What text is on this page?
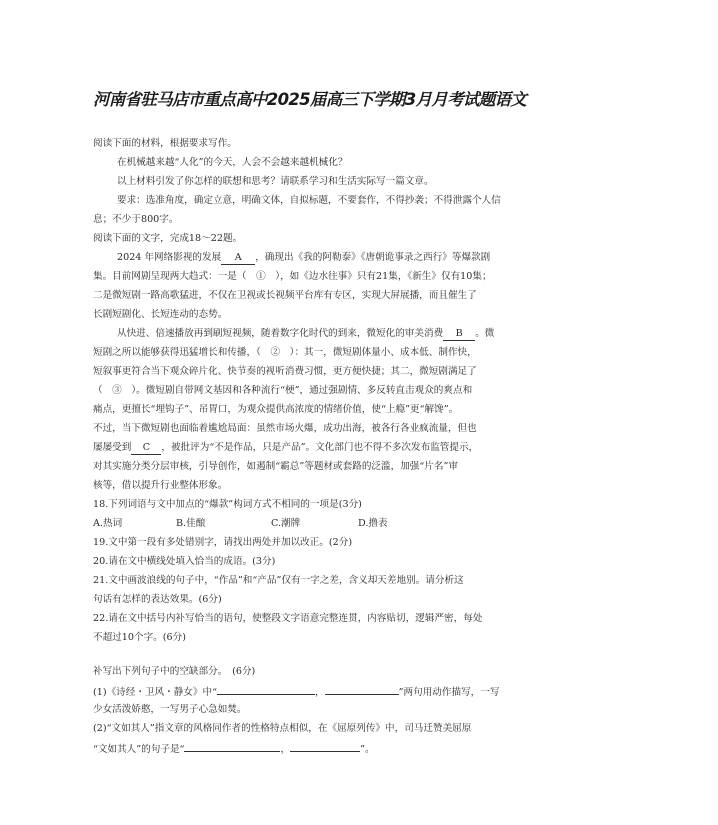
河南省驻马店市重点高中2025届高三下学期3月月考试题语文
阅读下面的材料，根据要求写作。
在机械越来越“人化”的今天，人会不会越来越机械化？
以上材料引发了你怎样的联想和思考？请联系学习和生活实际写一篇文章。
要求：选准角度，确定立意，明确文体，自拟标题，不要套作，不得抄袭；不得泄露个人信
息；不少于800字。
阅读下面的文字，完成18～22题。
2024 年网络影视的发展 A ，确现出《我的阿勒泰》《唐朝诡事录之西行》等爆款剧
集。目前网剧呈现两大趋式：一是（　①　），如《边水往事》只有21集，《新生》仅有10集；
二是微短剧一路高歌猛进，不仅在卫视或长视频平台库有专区，实现大屏展播，而且催生了
长剧短剧化、长短连动的态势。
从快进、倍速播放再到刷短视频，随着数字化时代的到来，微短化的审美消费 B 。微
短剧之所以能够获得迅猛增长和传播，（　②　）：其一，微短剧体量小、成本低、制作快，
短叙事更符合当下观众碎片化、快节奏的视听消费习惯，更方便快捷；其二，微短剧满足了
（　③　）。微短剧自带网文基因和各种流行“梗”，通过强剧情、多反转直击观众的爽点和
痛点，更擅长“埋钩子”、吊胃口，为观众提供高浓度的情绪价值，使“上瘾”更“解馋”。
不过，当下微短剧也面临着尴尬局面：虽然市场火爆，成功出海，被各行各业疯流量，但也
屡屡受到 C ，被批评为“不是作品，只是产品”。文化部门也不得不多次发布监管提示，
对其实施分类分层审核，引导创作，如遏制“霸总”等题材或套路的泛滥，加强“片名”审
核等，借以提升行业整体形象。
18.下列词语与文中加点的“爆款”构词方式不相同的一项是(3分)
A.热词	B.佳酿	C.潮牌	D.撸表
19.文中第一段有多处错别字，请找出两处并加以改正。(2分)
20.请在文中横线处填入恰当的成语。(3分)
21.文中画波浪线的句子中，“作品”和“产品”仅有一字之差，含义却天差地别。请分析这
句话有怎样的表达效果。(6分)
22.请在文中括号内补写恰当的语句，使整段文字语意完整连贯，内容贴切，逻辑严密，每处
不超过10个字。(6分)
补写出下列句子中的空缺部分。　(6分)
(1)《诗经・卫风・静女》中“	，	”两句用动作描写，一写
少女活泼娇憨，一写男子心急如焚。
(2)“文如其人”指文章的风格同作者的性格特点相似，在《屈原列传》中，司马迁赞美屈原
“文如其人”的句子是“	，	”。
